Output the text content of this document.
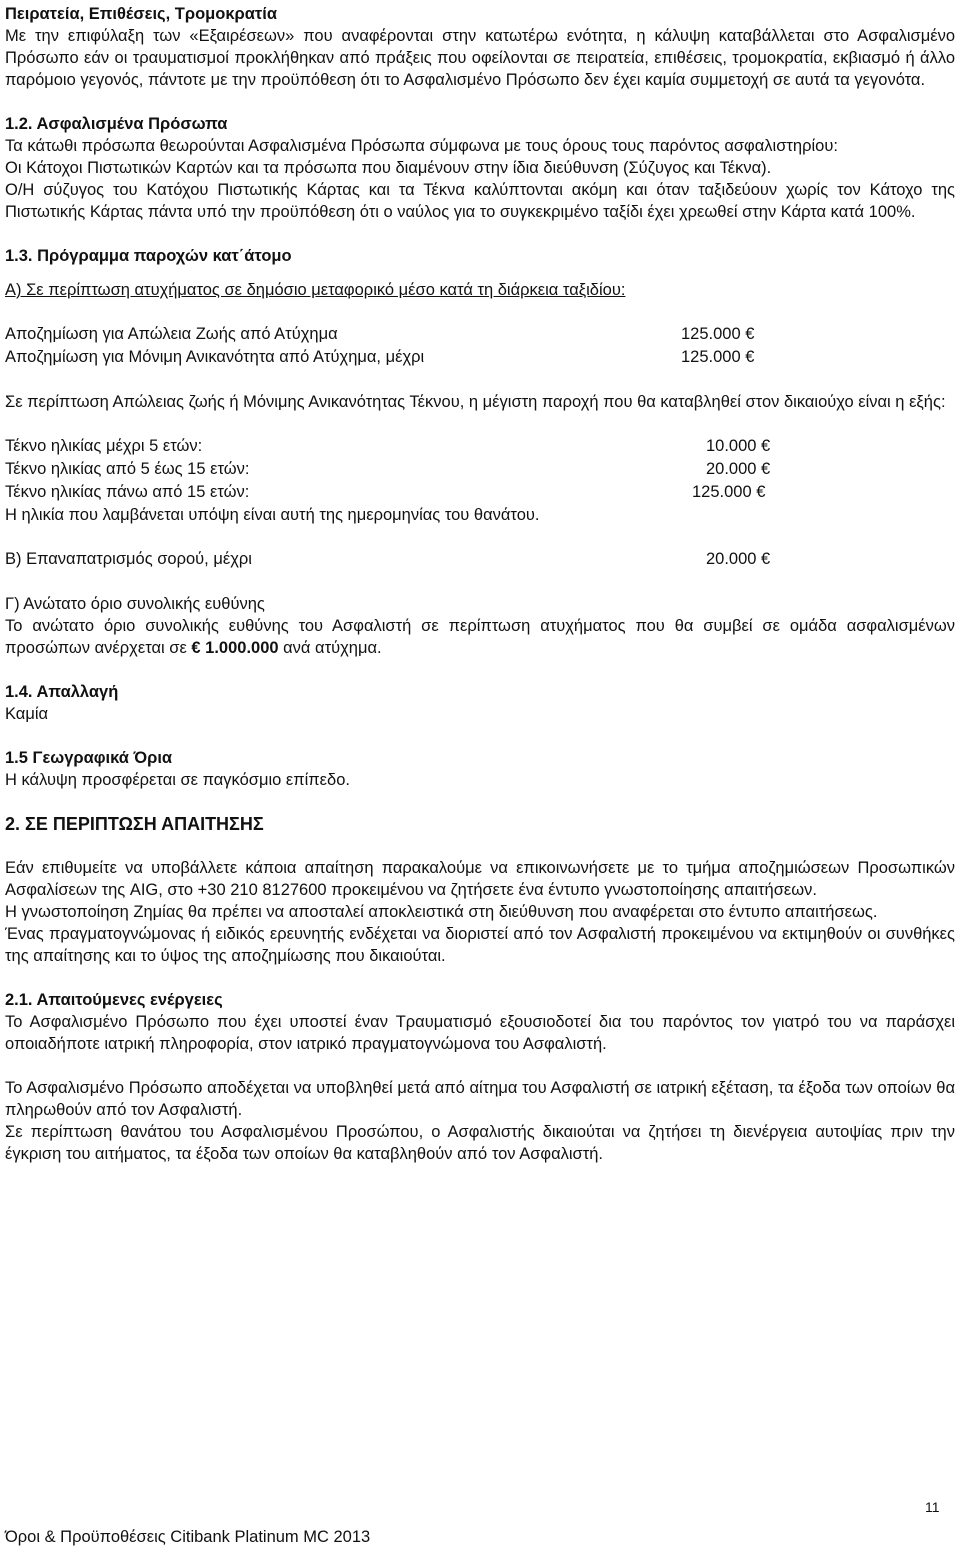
Πειρατεία, Επιθέσεις, Τρομοκρατία

Με την επιφύλαξη των «Εξαιρέσεων» που αναφέρονται στην κατωτέρω ενότητα, η κάλυψη καταβάλλεται στο Ασφαλισμένο Πρόσωπο εάν οι τραυματισμοί προκλήθηκαν από πράξεις που οφείλονται σε πειρατεία, επιθέσεις, τρομοκρατία, εκβιασμό ή άλλο παρόμοιο γεγονός, πάντοτε με την προϋπόθεση ότι το Ασφαλισμένο Πρόσωπο δεν έχει καμία συμμετοχή σε αυτά τα γεγονότα.

1.2. Ασφαλισμένα Πρόσωπα

Τα κάτωθι πρόσωπα θεωρούνται Ασφαλισμένα Πρόσωπα σύμφωνα με τους όρους τους παρόντος ασφαλιστηρίου:

Οι Κάτοχοι Πιστωτικών Καρτών και τα πρόσωπα που διαμένουν στην ίδια διεύθυνση (Σύζυγος και Τέκνα).

Ο/Η σύζυγος του Κατόχου Πιστωτικής Κάρτας και τα Τέκνα καλύπτονται ακόμη και όταν ταξιδεύουν χωρίς τον Κάτοχο της Πιστωτικής Κάρτας πάντα υπό την προϋπόθεση ότι ο ναύλος για το συγκεκριμένο ταξίδι έχει χρεωθεί στην Κάρτα κατά 100%.

1.3. Πρόγραμμα παροχών κατ΄άτομο

Α) Σε περίπτωση ατυχήματος σε δημόσιο μεταφορικό μέσο κατά τη διάρκεια ταξιδίου:

Αποζημίωση για Απώλεια Ζωής από Ατύχημα	125.000 €
Αποζημίωση για Μόνιμη Ανικανότητα από Ατύχημα, μέχρι	125.000 €

Σε περίπτωση Απώλειας ζωής ή Μόνιμης Ανικανότητας Τέκνου, η μέγιστη παροχή που θα καταβληθεί στον δικαιούχο είναι η εξής:

Τέκνο ηλικίας μέχρι 5 ετών:	10.000 €
Τέκνο ηλικίας από 5 έως 15 ετών:	20.000 €
Τέκνο ηλικίας πάνω από 15 ετών:	125.000 €

Η ηλικία που λαμβάνεται υπόψη είναι αυτή της ημερομηνίας του θανάτου.

Β) Επαναπατρισμός σορού, μέχρι	20.000 €

Γ) Ανώτατο όριο συνολικής ευθύνης

Το ανώτατο όριο συνολικής ευθύνης του Ασφαλιστή σε περίπτωση ατυχήματος που θα συμβεί σε ομάδα ασφαλισμένων προσώπων ανέρχεται σε € 1.000.000 ανά ατύχημα.

1.4. Απαλλαγή

Καμία

1.5 Γεωγραφικά Όρια

Η κάλυψη προσφέρεται σε παγκόσμιο επίπεδο.

2. ΣΕ ΠΕΡΙΠΤΩΣΗ ΑΠΑΙΤΗΣΗΣ

Εάν επιθυμείτε να υποβάλλετε κάποια απαίτηση παρακαλούμε να επικοινωνήσετε με το τμήμα αποζημιώσεων Προσωπικών Ασφαλίσεων της AIG, στο +30 210 8127600 προκειμένου να ζητήσετε ένα έντυπο γνωστοποίησης απαιτήσεων.

Η γνωστοποίηση Ζημίας θα πρέπει να αποσταλεί αποκλειστικά στη διεύθυνση που αναφέρεται στο έντυπο απαιτήσεως.

Ένας πραγματογνώμονας ή ειδικός ερευνητής ενδέχεται να διοριστεί από τον Ασφαλιστή προκειμένου να εκτιμηθούν οι συνθήκες της απαίτησης και το ύψος της αποζημίωσης που δικαιούται.

2.1. Απαιτούμενες ενέργειες

Το Ασφαλισμένο Πρόσωπο που έχει υποστεί έναν Τραυματισμό εξουσιοδοτεί δια του παρόντος τον γιατρό του να παράσχει οποιαδήποτε ιατρική πληροφορία, στον ιατρικό πραγματογνώμονα του Ασφαλιστή.

Το Ασφαλισμένο Πρόσωπο αποδέχεται να υποβληθεί μετά από αίτημα του Ασφαλιστή σε ιατρική εξέταση, τα έξοδα των οποίων θα πληρωθούν από τον Ασφαλιστή.

Σε περίπτωση θανάτου του Ασφαλισμένου Προσώπου, ο Ασφαλιστής δικαιούται να ζητήσει τη διενέργεια αυτοψίας πριν την έγκριση του αιτήματος, τα έξοδα των οποίων θα καταβληθούν από τον Ασφαλιστή.

11
Όροι & Προϋποθέσεις Citibank Platinum MC 2013
